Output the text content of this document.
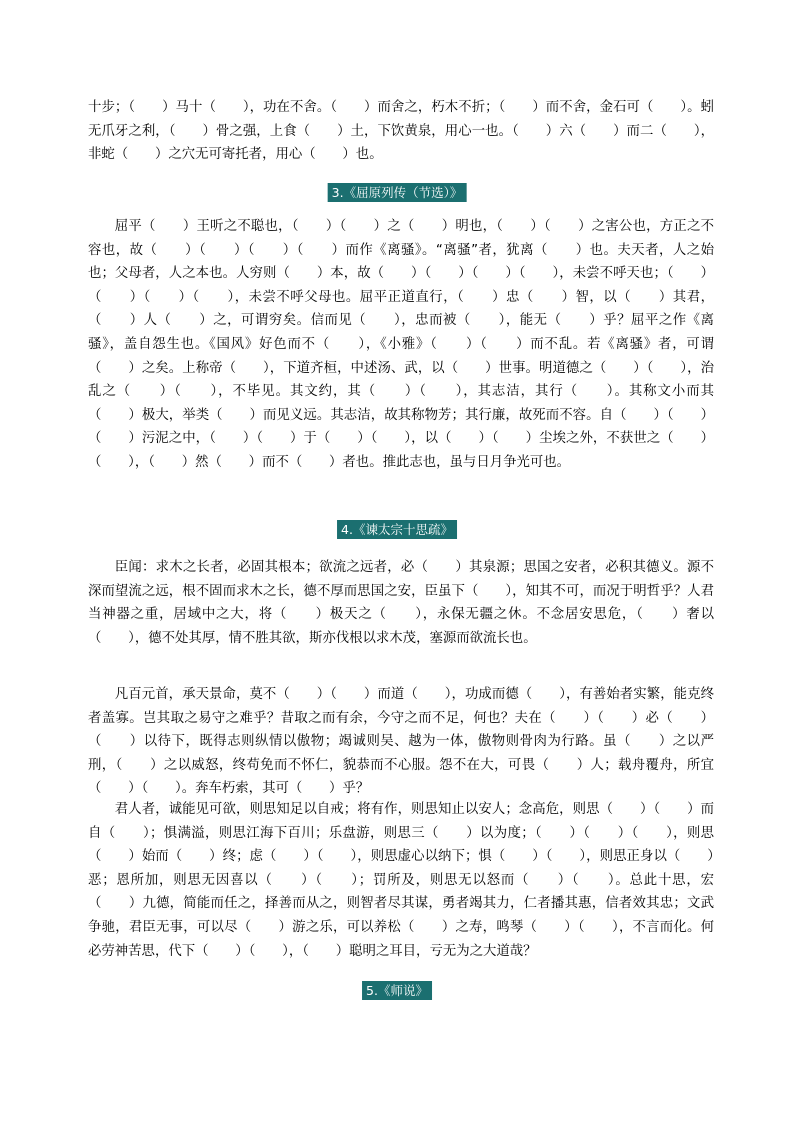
十步；（　　）马十（　　），功在不舍。（　　）而舍之，朽木不折；（　　）而不舍，金石可（　　）。蚓无爪牙之利，（　　）骨之强，上食（　　）土，下饮黄泉，用心一也。（　　）六（　　）而二（　　），非蛇（　　）之穴无可寄托者，用心（　　）也。

3.《屈原列传（节选）》

屈平（　　）王听之不聪也，（　　）（　　）之（　　）明也，（　　）（　　）之害公也，方正之不容也，故（　　）（　　）（　　）（　　）而作《离骚》。“离骚”者，犹离（　　）也。夫天者，人之始也；父母者，人之本也。人穷则（　　）本，故（　　）（　　）（　　）（　　），未尝不呼天也；（　　）（　　）（　　）（　　），未尝不呼父母也。屈平正道直行，（　　）忠（　　）智，以（　　）其君，（　　）人（　　）之，可谓穷矣。信而见（　　），忠而被（　　），能无（　　）乎？屈平之作《离骚》，盖自怨生也。《国风》好色而不（　　），《小雅》（　　）（　　）而不乱。若《离骚》者，可谓（　　）之矣。上称帝（　　），下道齐桓，中述汤、武，以（　　）世事。明道德之（　　）（　　），治乱之（　　）（　　），不毕见。其文约，其（　　）（　　），其志洁，其行（　　）。其称文小而其（　　）极大，举类（　　）而见义远。其志洁，故其称物芳；其行廉，故死而不容。自（　　）（　　）（　　）污泥之中，（　　）（　　）于（　　）（　　），以（　　）（　　）尘埃之外，不获世之（　　）（　　），（　　）然（　　）而不（　　）者也。推此志也，虽与日月争光可也。

4.《谏太宗十思疏》

臣闻：求木之长者，必固其根本；欲流之远者，必（　　）其泉源；思国之安者，必积其德义。源不深而望流之远，根不固而求木之长，德不厚而思国之安，臣虽下（　　），知其不可，而况于明哲乎？人君当神器之重，居域中之大，将（　　）极天之（　　），永保无疆之休。不念居安思危，（　　）奢以（　　），德不处其厚，情不胜其欲，斯亦伐根以求木茂，塞源而欲流长也。

凡百元首，承天景命，莫不（　　）（　　）而道（　　），功成而德（　　），有善始者实繁，能克终者盖寡。岂其取之易守之难乎？昔取之而有余，今守之而不足，何也？夫在（　　）（　　）必（　　）（　　）以待下，既得志则纵情以傲物；竭诚则吴、越为一体，傲物则骨肉为行路。虽（　　）之以严刑，（　　）之以威怒，终苟免而不怀仁，貌恭而不心服。怨不在大，可畏（　　）人；载舟覆舟，所宜（　　）（　　）。奔车朽索，其可（　　）乎？

君人者，诚能见可欲，则思知足以自戒；将有作，则思知止以安人；念高危，则思（　　）（　　）而自（　　）；惧满溢，则思江海下百川；乐盘游，则思三（　　）以为度；（　　）（　　）（　　），则思（　　）始而（　　）终；虑（　　）（　　），则思虚心以纳下；惧（　　）（　　），则思正身以（　　）恶；恩所加，则思无因喜以（　　）（　　）；罚所及，则思无以怒而（　　）（　　）。总此十思，宏（　　）九德，简能而任之，择善而从之，则智者尽其谋，勇者竭其力，仁者播其惠，信者效其忠；文武争驰，君臣无事，可以尽（　　）游之乐，可以养松（　　）之寿，鸣琴（　　）（　　），不言而化。何必劳神苦思，代下（　　）（　　），（　　）聪明之耳目，亏无为之大道哉？

5.《师说》
